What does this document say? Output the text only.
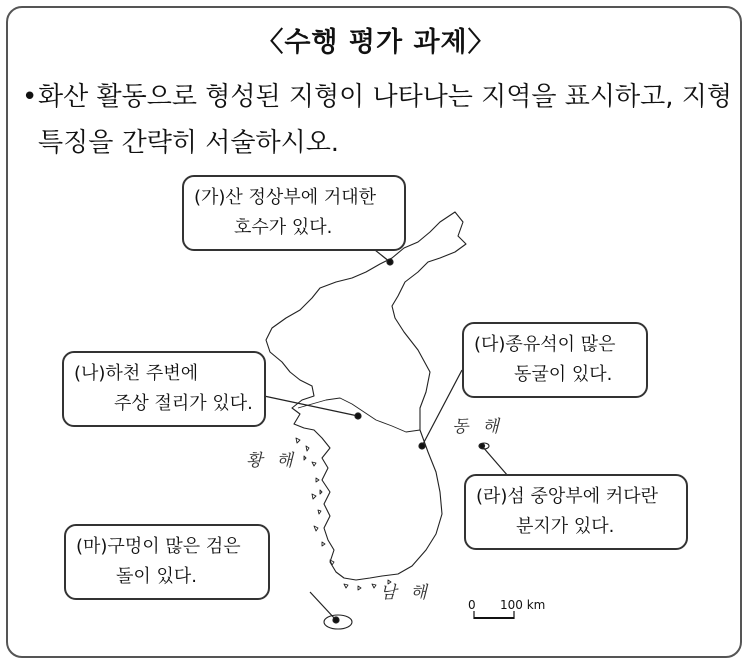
〈수행 평가 과제〉
•화산 활동으로 형성된 지형이 나타나는 지역을 표시하고, 지형
특징을 간략히 서술하시오.
0 100 km
동해
황해
남해
(가)산 정상부에 거대한
호수가 있다.
(나)하천 주변에
주상 절리가 있다.
(다)종유석이 많은
동굴이 있다.
(라)섬 중앙부에 커다란
분지가 있다.
(마)구멍이 많은 검은
돌이 있다.
